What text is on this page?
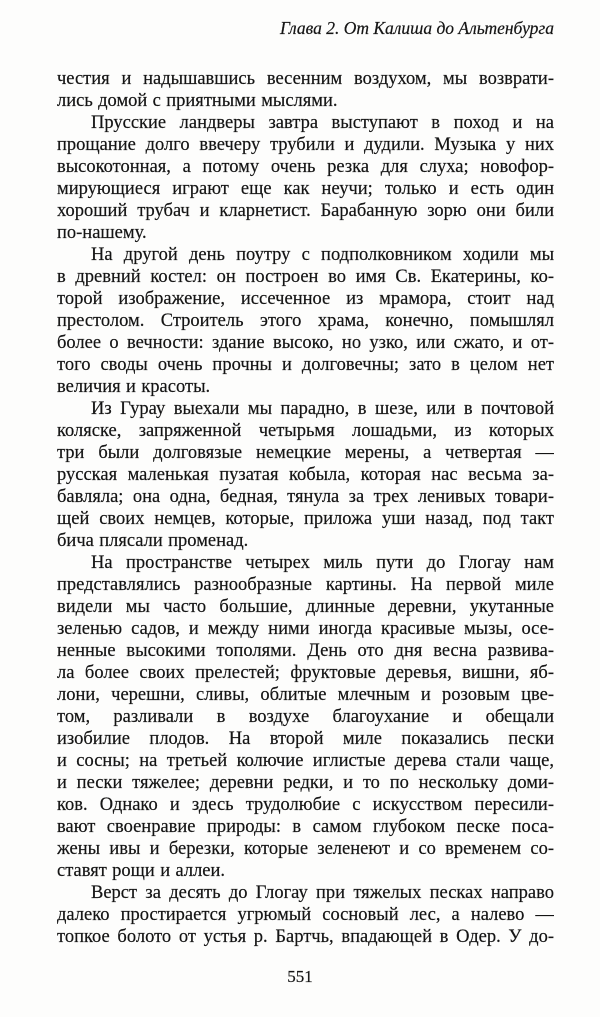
Глава 2. От Калиша до Альтенбурга
честия и надышавшись весенним воздухом, мы возврати-
лись домой с приятными мыслями.
Прусские ландверы завтра выступают в поход и на
прощание долго ввечеру трубили и дудили. Музыка у них
высокотонная, а потому очень резка для слуха; новофор-
мирующиеся играют еще как неучи; только и есть один
хороший трубач и кларнетист. Барабанную зорю они били
по-нашему.
На другой день поутру с подполковником ходили мы
в древний костел: он построен во имя Св. Екатерины, ко-
торой изображение, иссеченное из мрамора, стоит над
престолом. Строитель этого храма, конечно, помышлял
более о вечности: здание высоко, но узко, или сжато, и от-
того своды очень прочны и долговечны; зато в целом нет
величия и красоты.
Из Гурау выехали мы парадно, в шезе, или в почтовой
коляске, запряженной четырьмя лошадьми, из которых
три были долговязые немецкие мерены, а четвертая —
русская маленькая пузатая кобыла, которая нас весьма за-
бавляла; она одна, бедная, тянула за трех ленивых товари-
щей своих немцев, которые, приложа уши назад, под такт
бича плясали променад.
На пространстве четырех миль пути до Глогау нам
представлялись разнообразные картины. На первой миле
видели мы часто большие, длинные деревни, укутанные
зеленью садов, и между ними иногда красивые мызы, осе-
ненные высокими тополями. День ото дня весна развива-
ла более своих прелестей; фруктовые деревья, вишни, яб-
лони, черешни, сливы, облитые млечным и розовым цве-
том, разливали в воздухе благоухание и обещали
изобилие плодов. На второй миле показались пески
и сосны; на третьей колючие иглистые дерева стали чаще,
и пески тяжелее; деревни редки, и то по нескольку доми-
ков. Однако и здесь трудолюбие с искусством пересили-
вают своенравие природы: в самом глубоком песке поса-
жены ивы и березки, которые зеленеют и со временем со-
ставят рощи и аллеи.
Верст за десять до Глогау при тяжелых песках направо
далеко простирается угрюмый сосновый лес, а налево —
топкое болото от устья р. Бартчь, впадающей в Одер. У до-
551
